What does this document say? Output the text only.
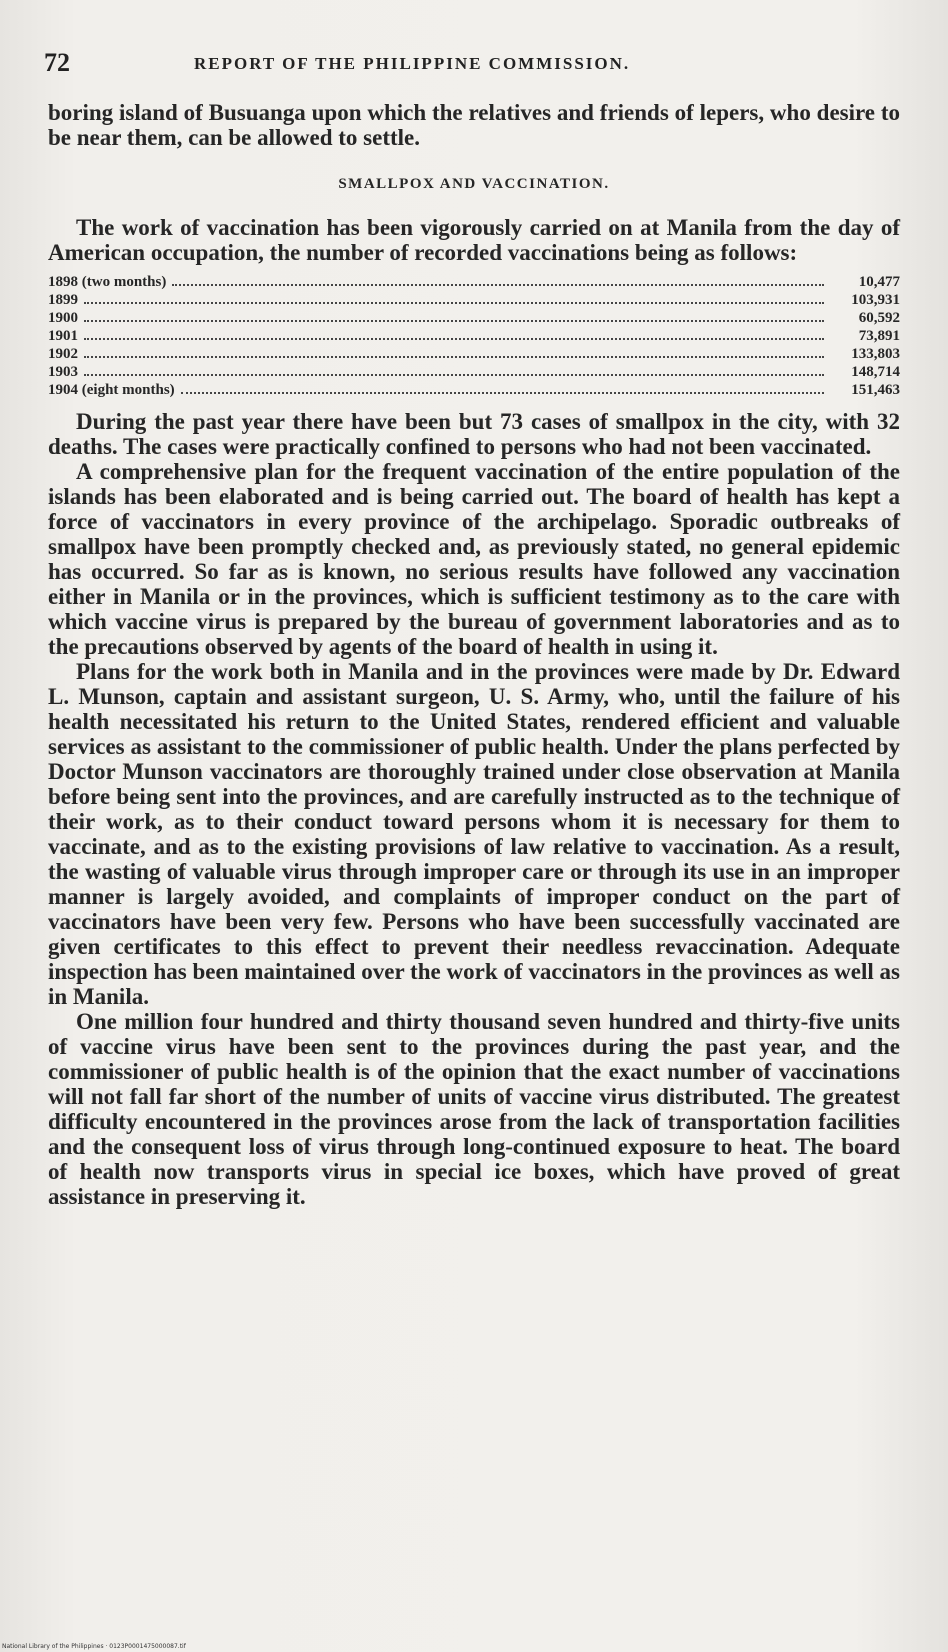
72	REPORT OF THE PHILIPPINE COMMISSION.

boring island of Busuanga upon which the relatives and friends of lepers, who desire to be near them, can be allowed to settle.

SMALLPOX AND VACCINATION.

The work of vaccination has been vigorously carried on at Manila from the day of American occupation, the number of recorded vaccinations being as follows:

1898 (two months)	10,477
1899	103,931
1900	60,592
1901	73,891
1902	133,803
1903	148,714
1904 (eight months)	151,463

During the past year there have been but 73 cases of smallpox in the city, with 32 deaths. The cases were practically confined to persons who had not been vaccinated.

A comprehensive plan for the frequent vaccination of the entire population of the islands has been elaborated and is being carried out. The board of health has kept a force of vaccinators in every province of the archipelago. Sporadic outbreaks of smallpox have been promptly checked and, as previously stated, no general epidemic has occurred. So far as is known, no serious results have followed any vaccination either in Manila or in the provinces, which is sufficient testimony as to the care with which vaccine virus is prepared by the bureau of government laboratories and as to the precautions observed by agents of the board of health in using it.

Plans for the work both in Manila and in the provinces were made by Dr. Edward L. Munson, captain and assistant surgeon, U. S. Army, who, until the failure of his health necessitated his return to the United States, rendered efficient and valuable services as assistant to the commissioner of public health. Under the plans perfected by Doctor Munson vaccinators are thoroughly trained under close observation at Manila before being sent into the provinces, and are carefully instructed as to the technique of their work, as to their conduct toward persons whom it is necessary for them to vaccinate, and as to the existing provisions of law relative to vaccination. As a result, the wasting of valuable virus through improper care or through its use in an improper manner is largely avoided, and complaints of improper conduct on the part of vaccinators have been very few. Persons who have been successfully vaccinated are given certificates to this effect to prevent their needless revaccination. Adequate inspection has been maintained over the work of vaccinators in the provinces as well as in Manila.

One million four hundred and thirty thousand seven hundred and thirty-five units of vaccine virus have been sent to the provinces during the past year, and the commissioner of public health is of the opinion that the exact number of vaccinations will not fall far short of the number of units of vaccine virus distributed. The greatest difficulty encountered in the provinces arose from the lack of transportation facilities and the consequent loss of virus through long-continued exposure to heat. The board of health now transports virus in special ice boxes, which have proved of great assistance in preserving it.

National Library of the Philippines · 0123P0001475000087.tif
